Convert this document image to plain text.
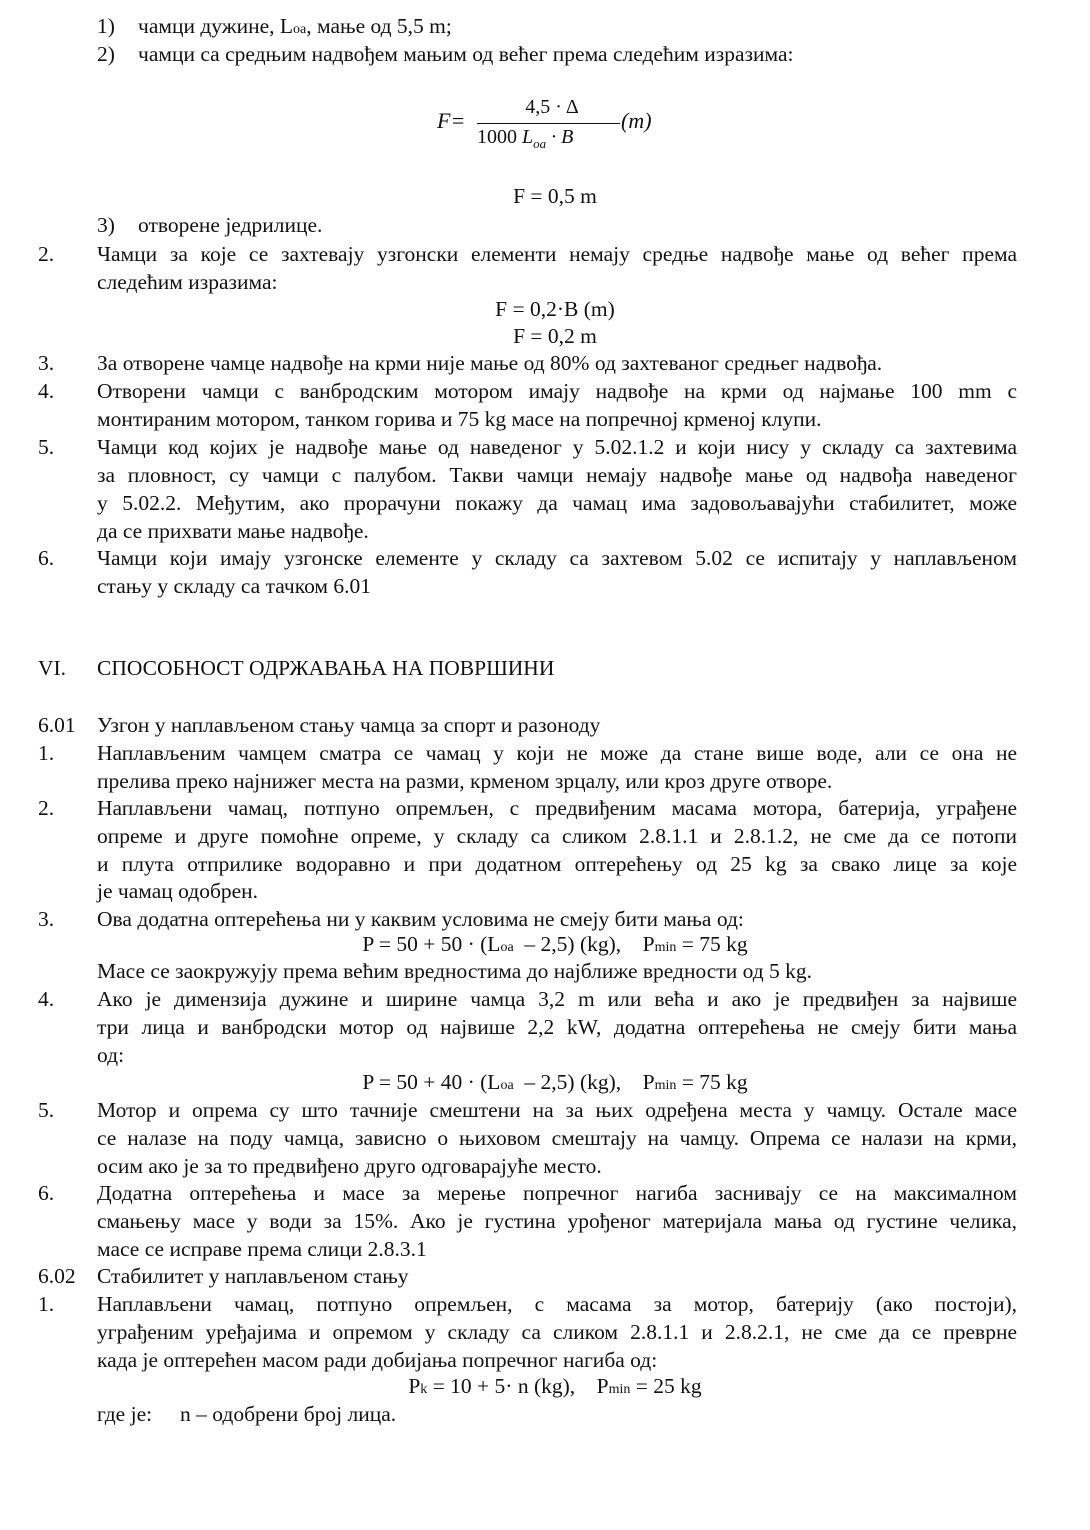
1) чамци дужине, Loa, мање од 5,5 m;
2) чамци са средњим надвођем мањим од већег према следећим изразима:
F=
4,5 · Δ
1000 $L_{oa} \cdot B$
(m)
F = 0,5 m
3) отворене једрилице.
2. Чамци за које се захтевају узгонски елементи немају средње надвође мање од већег према
следећим изразима:
F = 0,2·B (m)
F = 0,2 m
3. За отворене чамце надвође на крми није мање од 80% од захтеваног средњег надвођа.
4. Отворени чамци с ванбродским мотором имају надвође на крми од најмање 100 mm с
монтираним мотором, танком горива и 75 kg масе на попречној крменој клупи.
5. Чамци код којих је надвође мање од наведеног у 5.02.1.2 и који нису у складу са захтевима
за пловност, су чамци с палубом. Такви чамци немају надвође мање од надвођа наведеног
у 5.02.2. Међутим, ако прорачуни покажу да чамац има задовољавајући стабилитет, може
да се прихвати мање надвође.
6. Чамци који имају узгонске елементе у складу са захтевом 5.02 се испитају у наплављеном
стању у складу са тачком 6.01
VI. СПОСОБНОСТ ОДРЖАВАЊА НА ПОВРШИНИ
6.01 Узгон у наплављеном стању чамца за спорт и разоноду
1. Наплављеним чамцем сматра се чамац у који не може да стане више воде, али се она не
прелива преко најнижег места на разми, крменом зрцалу, или кроз друге отворе.
2. Наплављени чамац, потпуно опремљен, с предвиђеним масама мотора, батерија, уграђене
опреме и друге помоћне опреме, у складу са сликом 2.8.1.1 и 2.8.1.2, не сме да се потопи
и плута отприлике водоравно и при додатном оптерећењу од 25 kg за свако лице за које
је чамац одобрен.
3. Ова додатна оптерећења ни у каквим условима не смеју бити мања од:
P = 50 + 50 · (Loa  – 2,5) (kg),    Pmin = 75 kg
Масе се заокружују према већим вредностима до најближе вредности од 5 kg.
4. Ако је димензија дужине и ширине чамца 3,2 m или већа и ако је предвиђен за највише
три лица и ванбродски мотор од највише 2,2 kW, додатна оптерећења не смеју бити мања
од:
P = 50 + 40 · (Loa  – 2,5) (kg),    Pmin = 75 kg
5. Мотор и опрема су што тачније смештени на за њих одређена места у чамцу. Остале масе
се налазе на поду чамца, зависно о њиховом смештају на чамцу. Опрема се налази на крми,
осим ако је за то предвиђено друго одговарајуће место.
6. Додатна оптерећења и масе за мерење попречног нагиба заснивају се на максималном
смањењу масе у води за 15%. Ако је густина урођеног материјала мања од густине челика,
масе се исправе према слици 2.8.3.1
6.02 Стабилитет у наплављеном стању
1. Наплављени чамац, потпуно опремљен, с масама за мотор, батерију (ако постоји),
уграђеним уређајима и опремом у складу са сликом 2.8.1.1 и 2.8.2.1, не сме да се преврне
када је оптерећен масом ради добијања попречног нагиба од:
Pk = 10 + 5· n (kg),    Pmin = 25 kg
где је: n – одобрени број лица.
